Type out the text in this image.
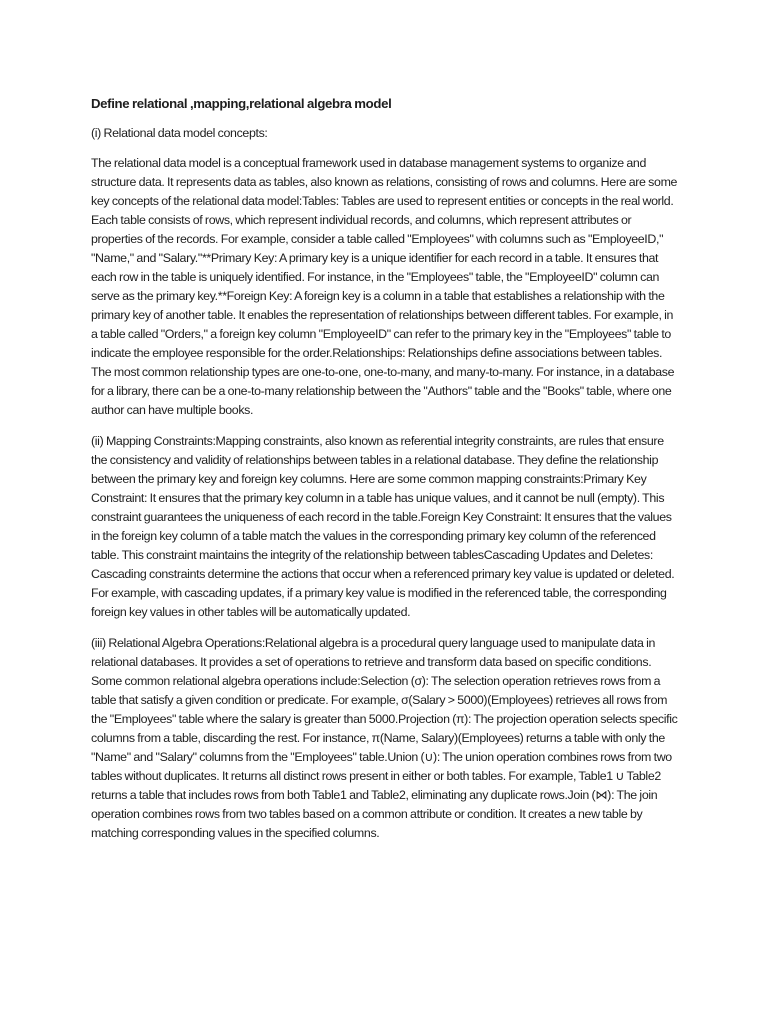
Define relational ,mapping,relational algebra model

(i) Relational data model concepts:

The relational data model is a conceptual framework used in database management systems to organize and structure data. It represents data as tables, also known as relations, consisting of rows and columns. Here are some key concepts of the relational data model:Tables: Tables are used to represent entities or concepts in the real world. Each table consists of rows, which represent individual records, and columns, which represent attributes or properties of the records. For example, consider a table called "Employees" with columns such as "EmployeeID," "Name," and "Salary."**Primary Key: A primary key is a unique identifier for each record in a table. It ensures that each row in the table is uniquely identified. For instance, in the "Employees" table, the "EmployeeID" column can serve as the primary key.**Foreign Key: A foreign key is a column in a table that establishes a relationship with the primary key of another table. It enables the representation of relationships between different tables. For example, in a table called "Orders," a foreign key column "EmployeeID" can refer to the primary key in the "Employees" table to indicate the employee responsible for the order.Relationships: Relationships define associations between tables. The most common relationship types are one-to-one, one-to-many, and many-to-many. For instance, in a database for a library, there can be a one-to-many relationship between the "Authors" table and the "Books" table, where one author can have multiple books.

(ii) Mapping Constraints:Mapping constraints, also known as referential integrity constraints, are rules that ensure the consistency and validity of relationships between tables in a relational database. They define the relationship between the primary key and foreign key columns. Here are some common mapping constraints:Primary Key Constraint: It ensures that the primary key column in a table has unique values, and it cannot be null (empty). This constraint guarantees the uniqueness of each record in the table.Foreign Key Constraint: It ensures that the values in the foreign key column of a table match the values in the corresponding primary key column of the referenced table. This constraint maintains the integrity of the relationship between tablesCascading Updates and Deletes: Cascading constraints determine the actions that occur when a referenced primary key value is updated or deleted. For example, with cascading updates, if a primary key value is modified in the referenced table, the corresponding foreign key values in other tables will be automatically updated.

(iii) Relational Algebra Operations:Relational algebra is a procedural query language used to manipulate data in relational databases. It provides a set of operations to retrieve and transform data based on specific conditions. Some common relational algebra operations include:Selection (σ): The selection operation retrieves rows from a table that satisfy a given condition or predicate. For example, σ(Salary > 5000)(Employees) retrieves all rows from the "Employees" table where the salary is greater than 5000.Projection (π): The projection operation selects specific columns from a table, discarding the rest. For instance, π(Name, Salary)(Employees) returns a table with only the "Name" and "Salary" columns from the "Employees" table.Union (∪): The union operation combines rows from two tables without duplicates. It returns all distinct rows present in either or both tables. For example, Table1 ∪ Table2 returns a table that includes rows from both Table1 and Table2, eliminating any duplicate rows.Join (⋈): The join operation combines rows from two tables based on a common attribute or condition. It creates a new table by matching corresponding values in the specified columns.
